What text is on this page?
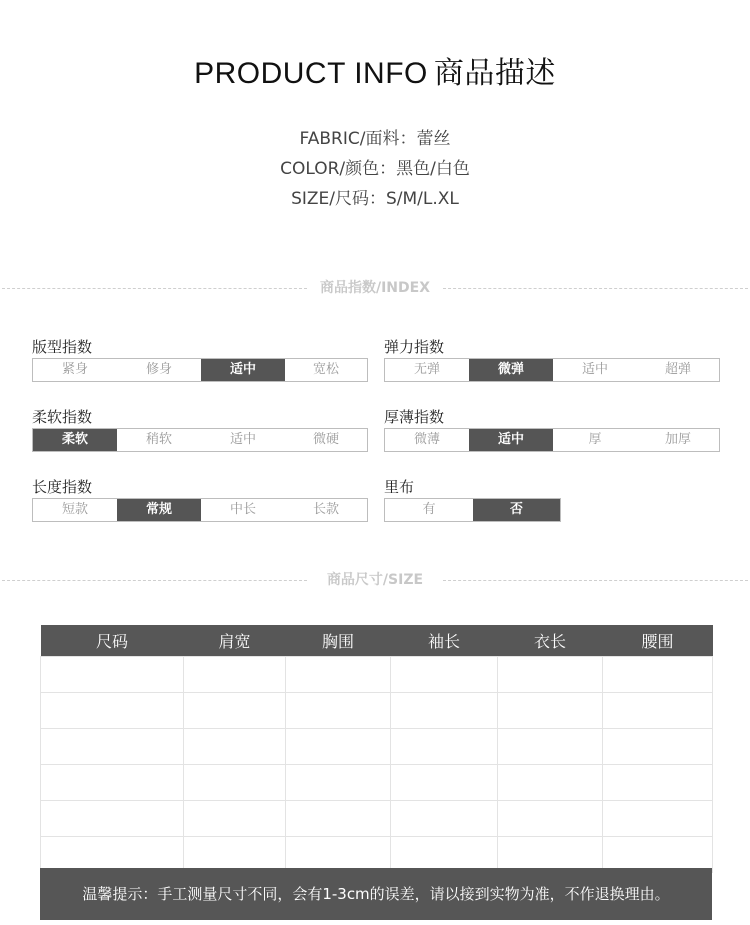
PRODUCT INFO 商品描述
FABRIC/面料：蕾丝
COLOR/颜色：黑色/白色
SIZE/尺码：S/M/L.XL
商品指数/INDEX
版型指数
紧身	修身	适中	宽松
弹力指数
无弹	微弹	适中	超弹
柔软指数
柔软	稍软	适中	微硬
厚薄指数
微薄	适中	厚	加厚
长度指数
短款	常规	中长	长款
里布
有	否
商品尺寸/SIZE
尺码	肩宽	胸围	袖长	衣长	腰围

温馨提示：手工测量尺寸不同，会有1-3cm的误差，请以接到实物为准，不作退换理由。
